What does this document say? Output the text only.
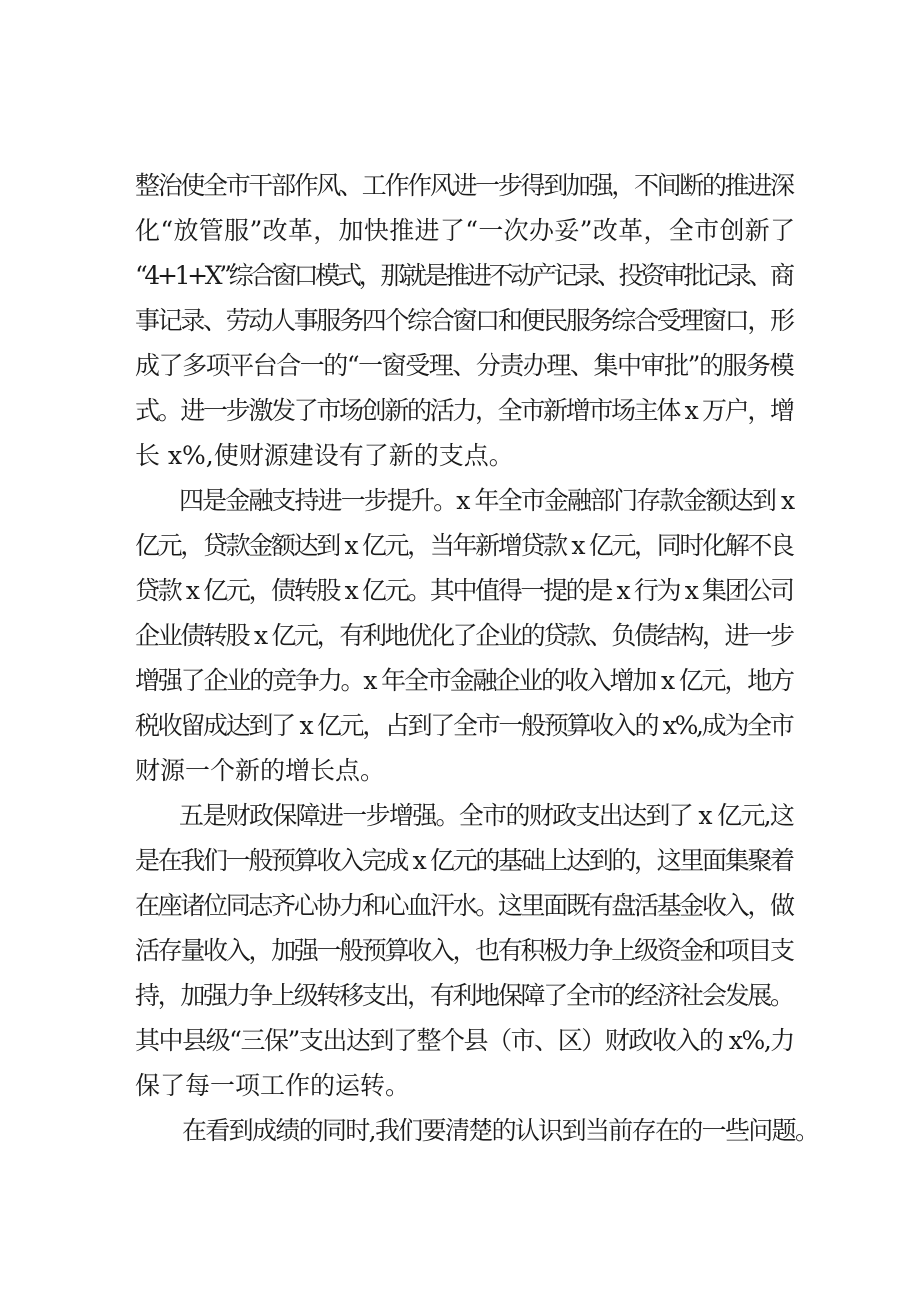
整治使全市干部作风、工作作风进一步得到加强，不间断的推进深
化“放管服”改革，加快推进了“一次办妥”改革，全市创新了
“4+1+X”综合窗口模式，那就是推进不动产记录、投资审批记录、商
事记录、劳动人事服务四个综合窗口和便民服务综合受理窗口，形
成了多项平台合一的“一窗受理、分责办理、集中审批”的服务模
式。进一步激发了市场创新的活力，全市新增市场主体 x 万户，增
长 x%,使财源建设有了新的支点。
四是金融支持进一步提升。x 年全市金融部门存款金额达到 x
亿元，贷款金额达到 x 亿元，当年新增贷款 x 亿元，同时化解不良
贷款 x 亿元，债转股 x 亿元。其中值得一提的是 x 行为 x 集团公司
企业债转股 x 亿元，有利地优化了企业的贷款、负债结构，进一步
增强了企业的竞争力。x 年全市金融企业的收入增加 x 亿元，地方
税收留成达到了 x 亿元，占到了全市一般预算收入的 x%,成为全市
财源一个新的增长点。
五是财政保障进一步增强。全市的财政支出达到了 x 亿元,这
是在我们一般预算收入完成 x 亿元的基础上达到的，这里面集聚着
在座诸位同志齐心协力和心血汗水。这里面既有盘活基金收入，做
活存量收入，加强一般预算收入，也有积极力争上级资金和项目支
持，加强力争上级转移支出，有利地保障了全市的经济社会发展。
其中县级“三保”支出达到了整个县（市、区）财政收入的 x%,力
保了每一项工作的运转。
在看到成绩的同时,我们要清楚的认识到当前存在的一些问题。
